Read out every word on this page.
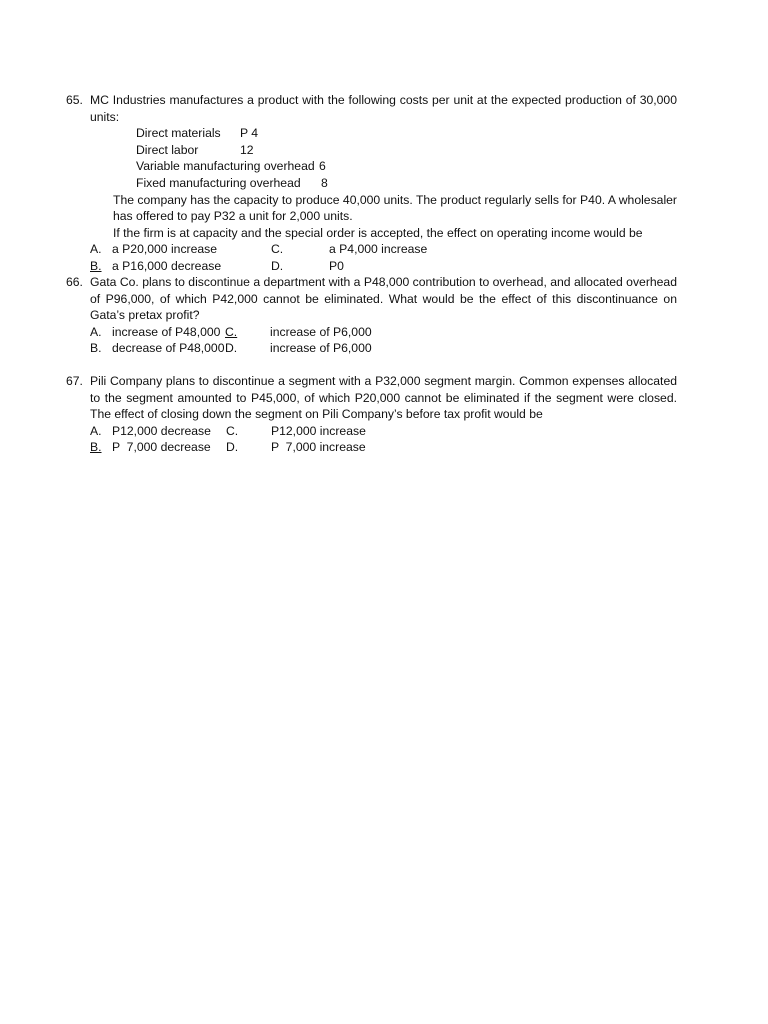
65. MC Industries manufactures a product with the following costs per unit at the expected production of 30,000 units:
Direct materials P 4
Direct labor	12
Variable manufacturing overhead 6
Fixed manufacturing overhead 8
The company has the capacity to produce 40,000 units. The product regularly sells for P40. A wholesaler has offered to pay P32 a unit for 2,000 units.
If the firm is at capacity and the special order is accepted, the effect on operating income would be
A. a P20,000 increase	C.	a P4,000 increase
B. a P16,000 decrease	D.	P0
66. Gata Co. plans to discontinue a department with a P48,000 contribution to overhead, and allocated overhead of P96,000, of which P42,000 cannot be eliminated. What would be the effect of this discontinuance on Gata’s pretax profit?
A. increase of P48,000 C.	increase of P6,000
B. decrease of P48,000 D.	increase of P6,000
67. Pili Company plans to discontinue a segment with a P32,000 segment margin. Common expenses allocated to the segment amounted to P45,000, of which P20,000 cannot be eliminated if the segment were closed. The effect of closing down the segment on Pili Company’s before tax profit would be
A. P12,000 decrease C.	P12,000 increase
B. P  7,000 decrease D.	P  7,000 increase
